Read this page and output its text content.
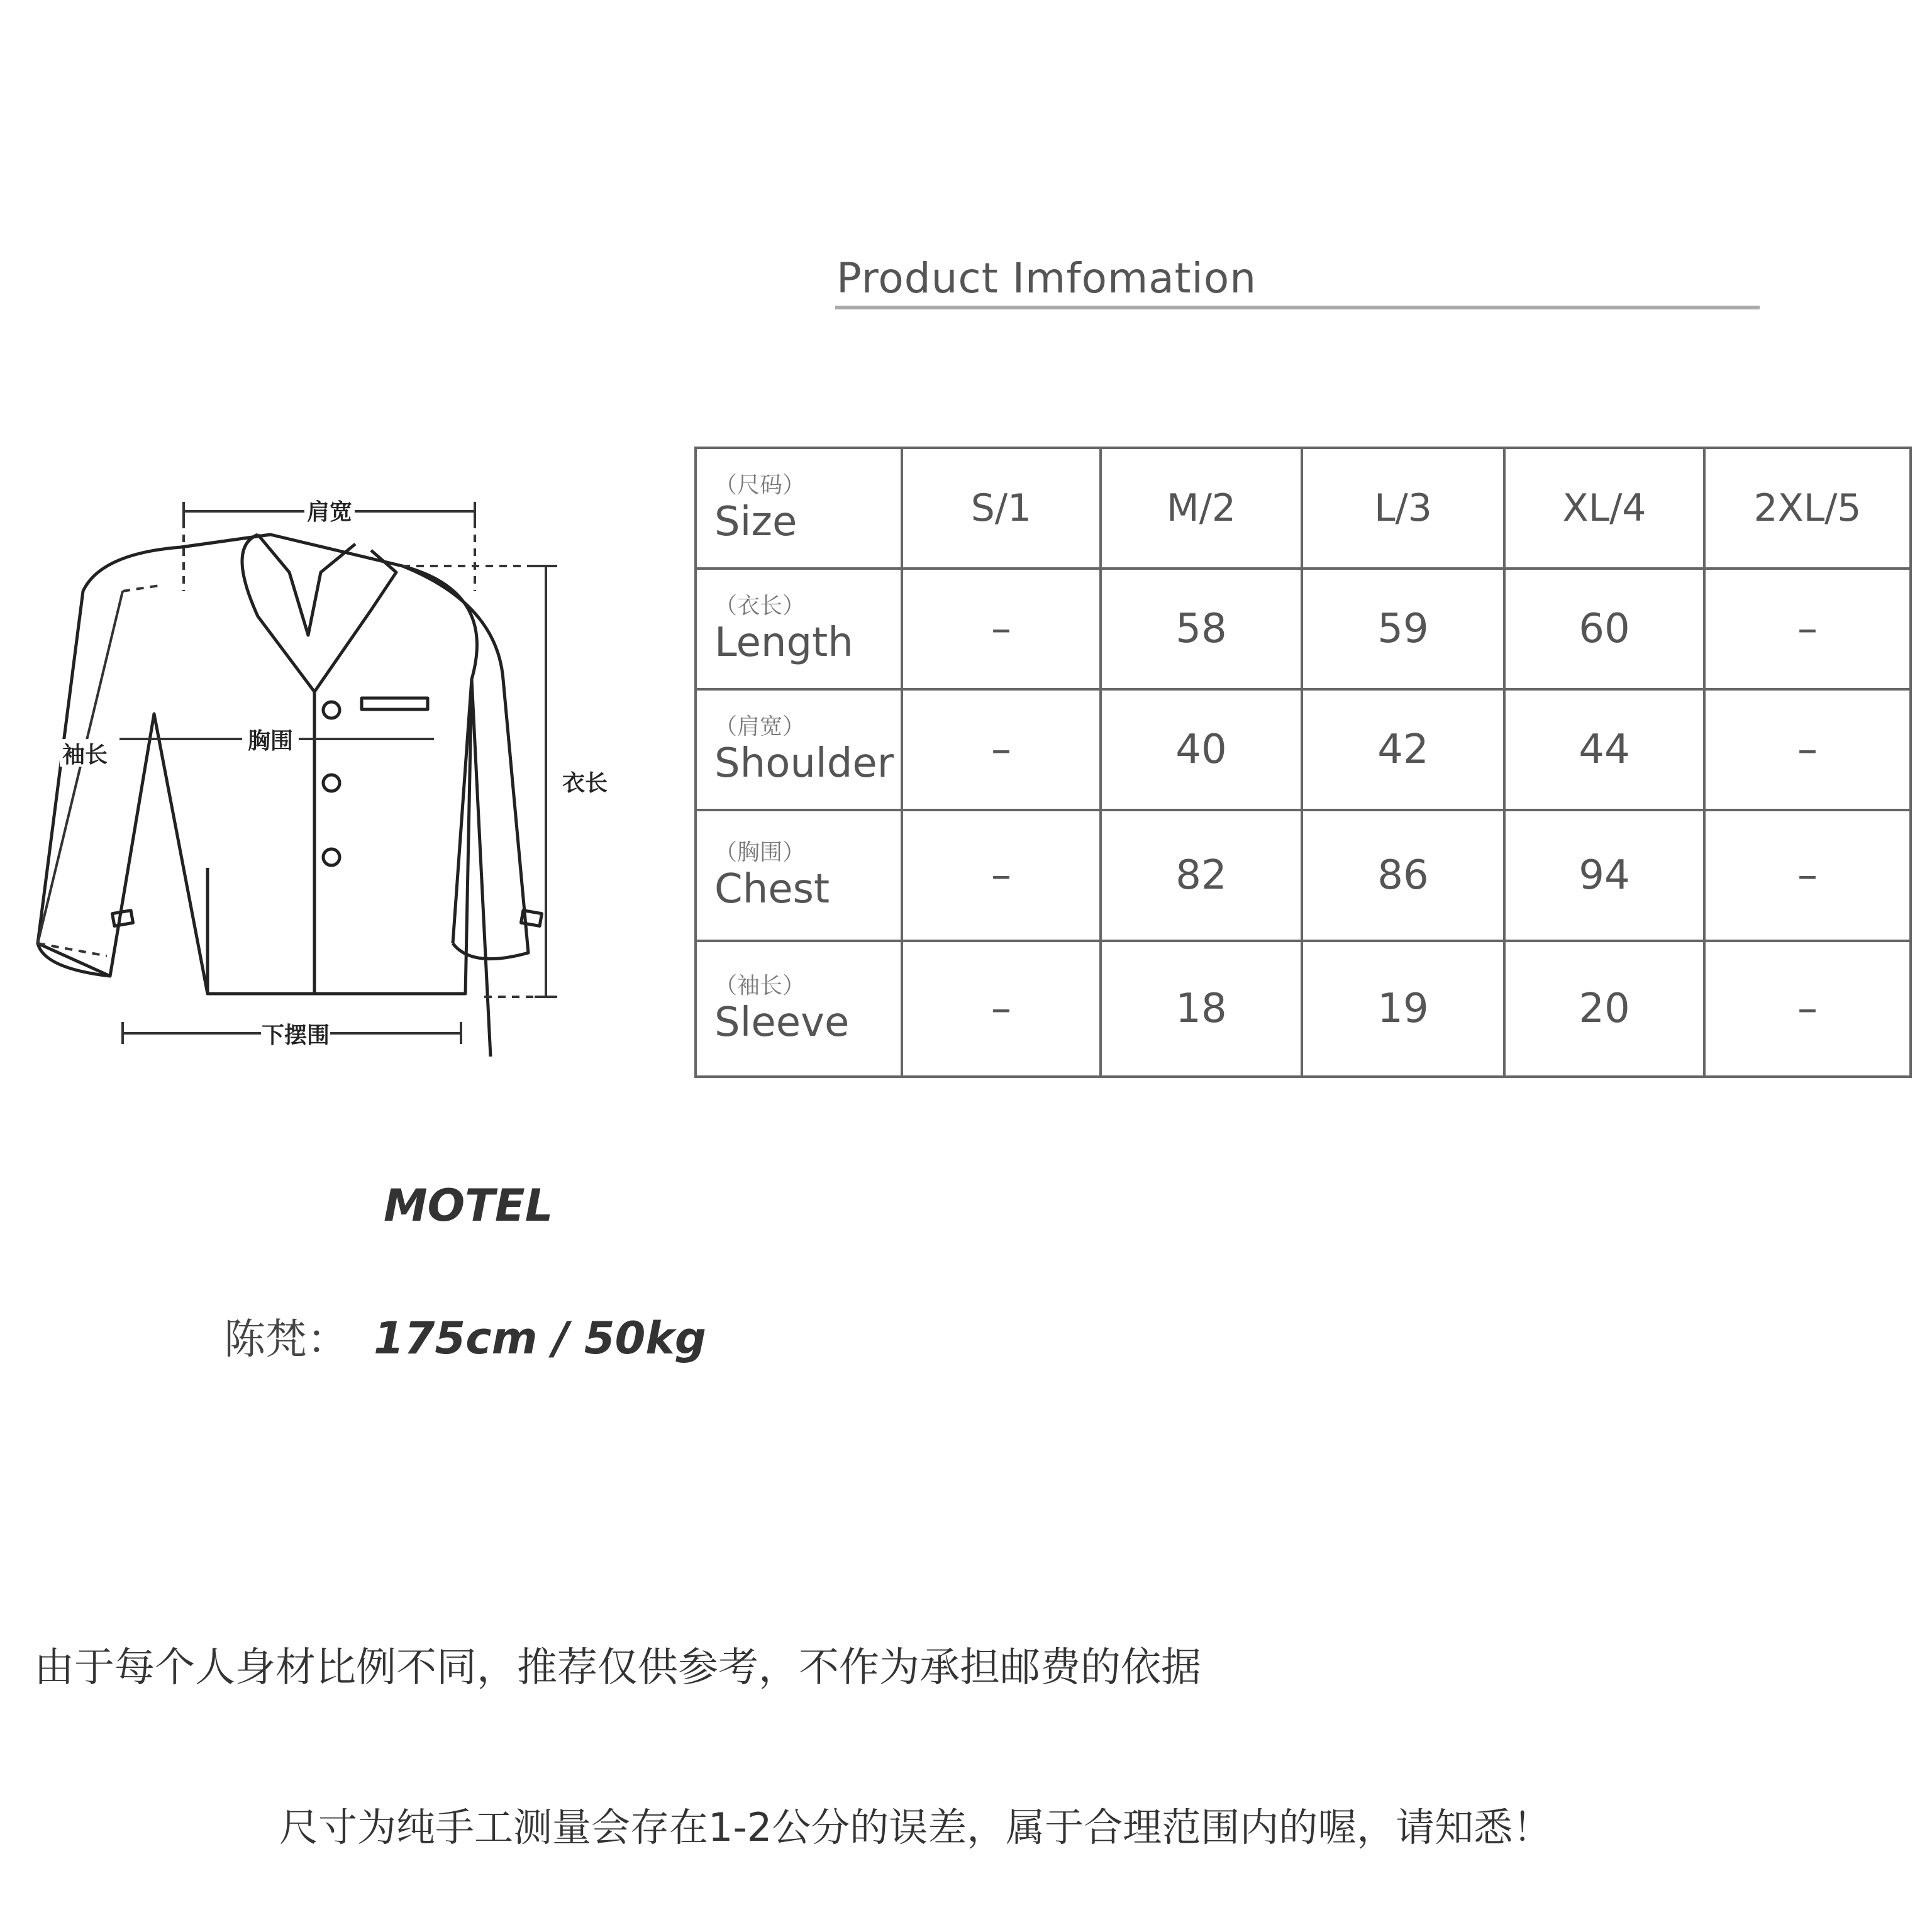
Product Imfomation
肩宽
胸围
袖长
衣长
下摆围
（尺码）
Size	S/1	M/2	L/3	XL/4	2XL/5

（衣长）
Length	–	58	59	60	–

（肩宽）
Shoulder	–	40	42	44	–

（胸围）
Chest	–	82	86	94	–

（袖长）
Sleeve	–	18	19	20	–
MOTEL
陈梵： 175cm / 50kg
由于每个人身材比例不同，推荐仅供参考，不作为承担邮费的依据
尺寸为纯手工测量会存在1-2公分的误差，属于合理范围内的喔，请知悉！
